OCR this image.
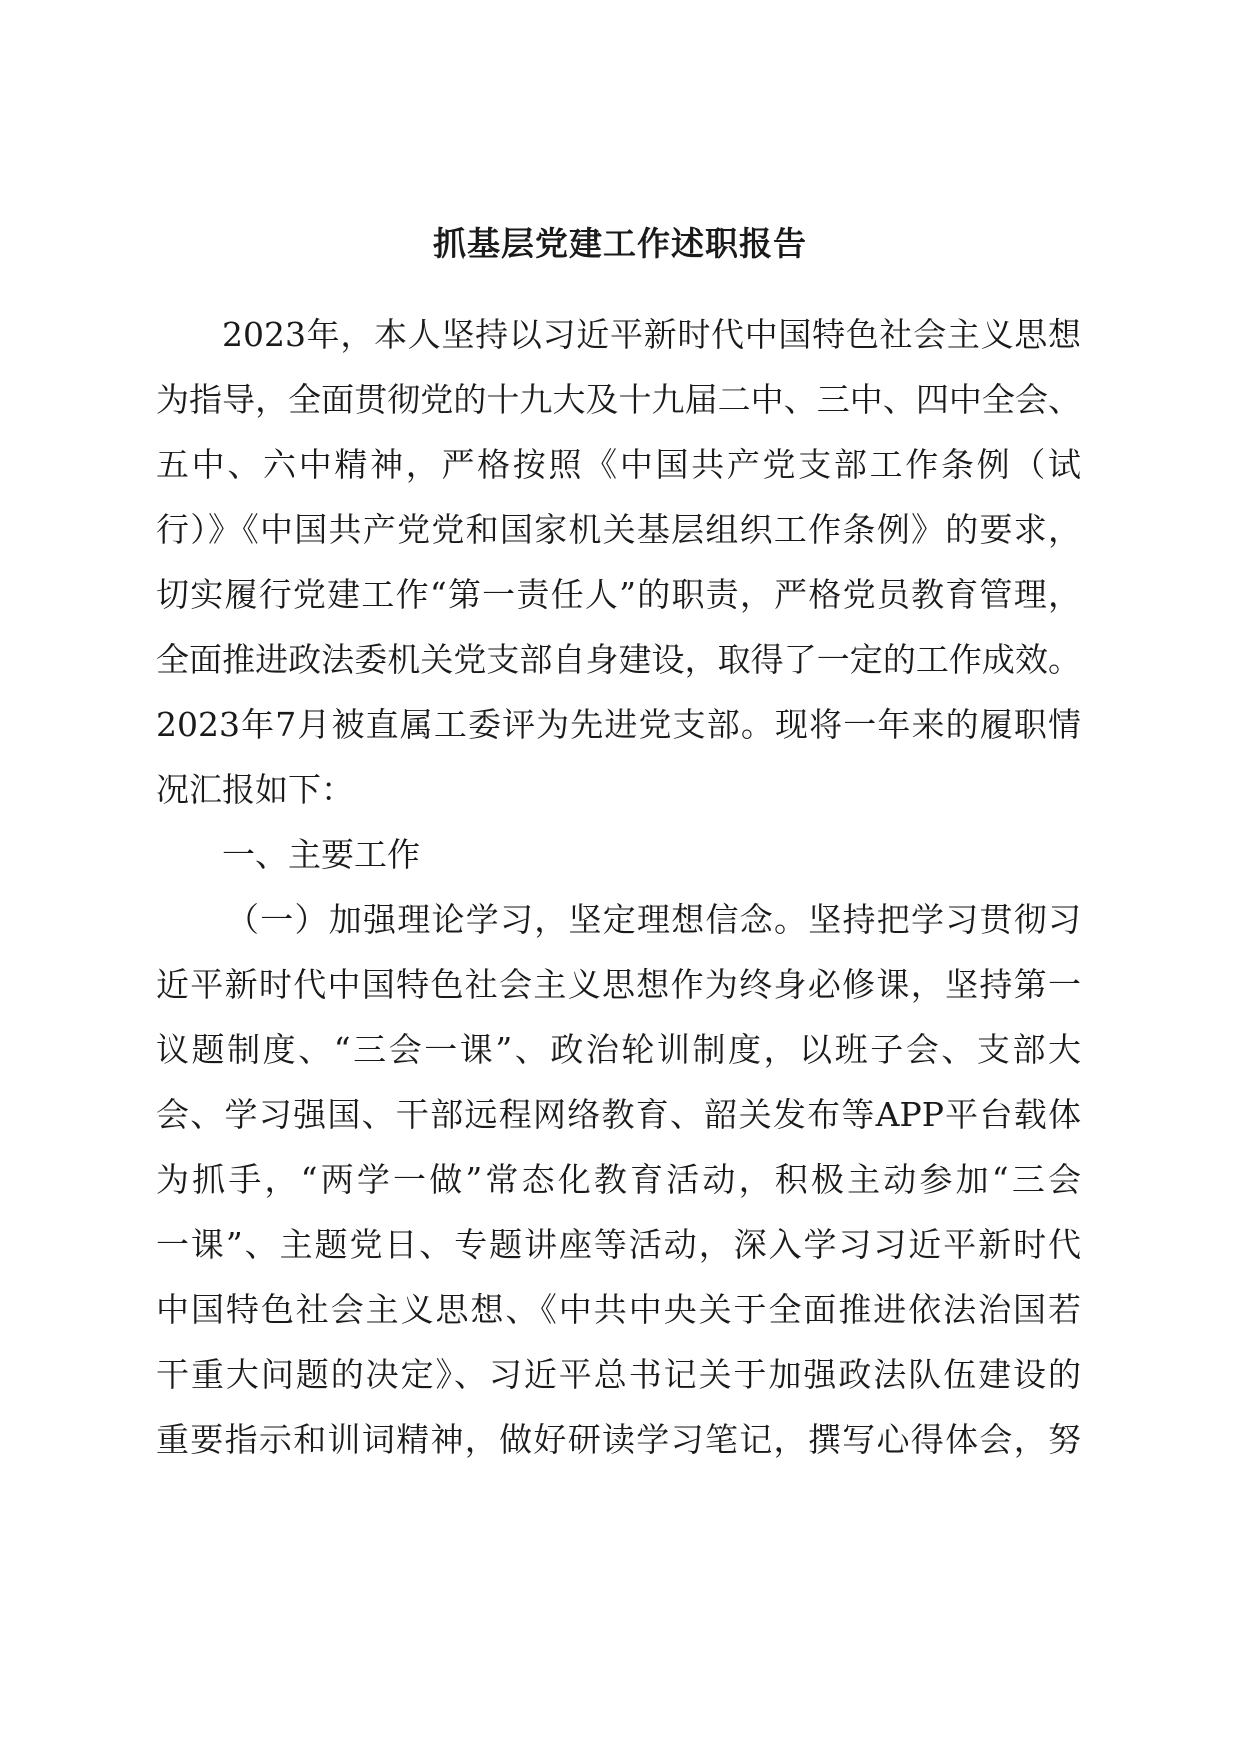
抓基层党建工作述职报告

2023年，本人坚持以习近平新时代中国特色社会主义思想

为指导，全面贯彻党的十九大及十九届二中、三中、四中全会、

五中、六中精神，严格按照《中国共产党支部工作条例（试

行）》《中国共产党党和国家机关基层组织工作条例》的要求，

切实履行党建工作“第一责任人”的职责，严格党员教育管理，

全面推进政法委机关党支部自身建设，取得了一定的工作成效。

2023年7月被直属工委评为先进党支部。现将一年来的履职情

况汇报如下：

一、主要工作

（一）加强理论学习，坚定理想信念。坚持把学习贯彻习

近平新时代中国特色社会主义思想作为终身必修课，坚持第一

议题制度、“三会一课”、政治轮训制度，以班子会、支部大

会、学习强国、干部远程网络教育、韶关发布等APP平台载体

为抓手，“两学一做”常态化教育活动，积极主动参加“三会

一课”、主题党日、专题讲座等活动，深入学习习近平新时代

中国特色社会主义思想、《中共中央关于全面推进依法治国若

干重大问题的决定》、习近平总书记关于加强政法队伍建设的

重要指示和训词精神，做好研读学习笔记，撰写心得体会，努
